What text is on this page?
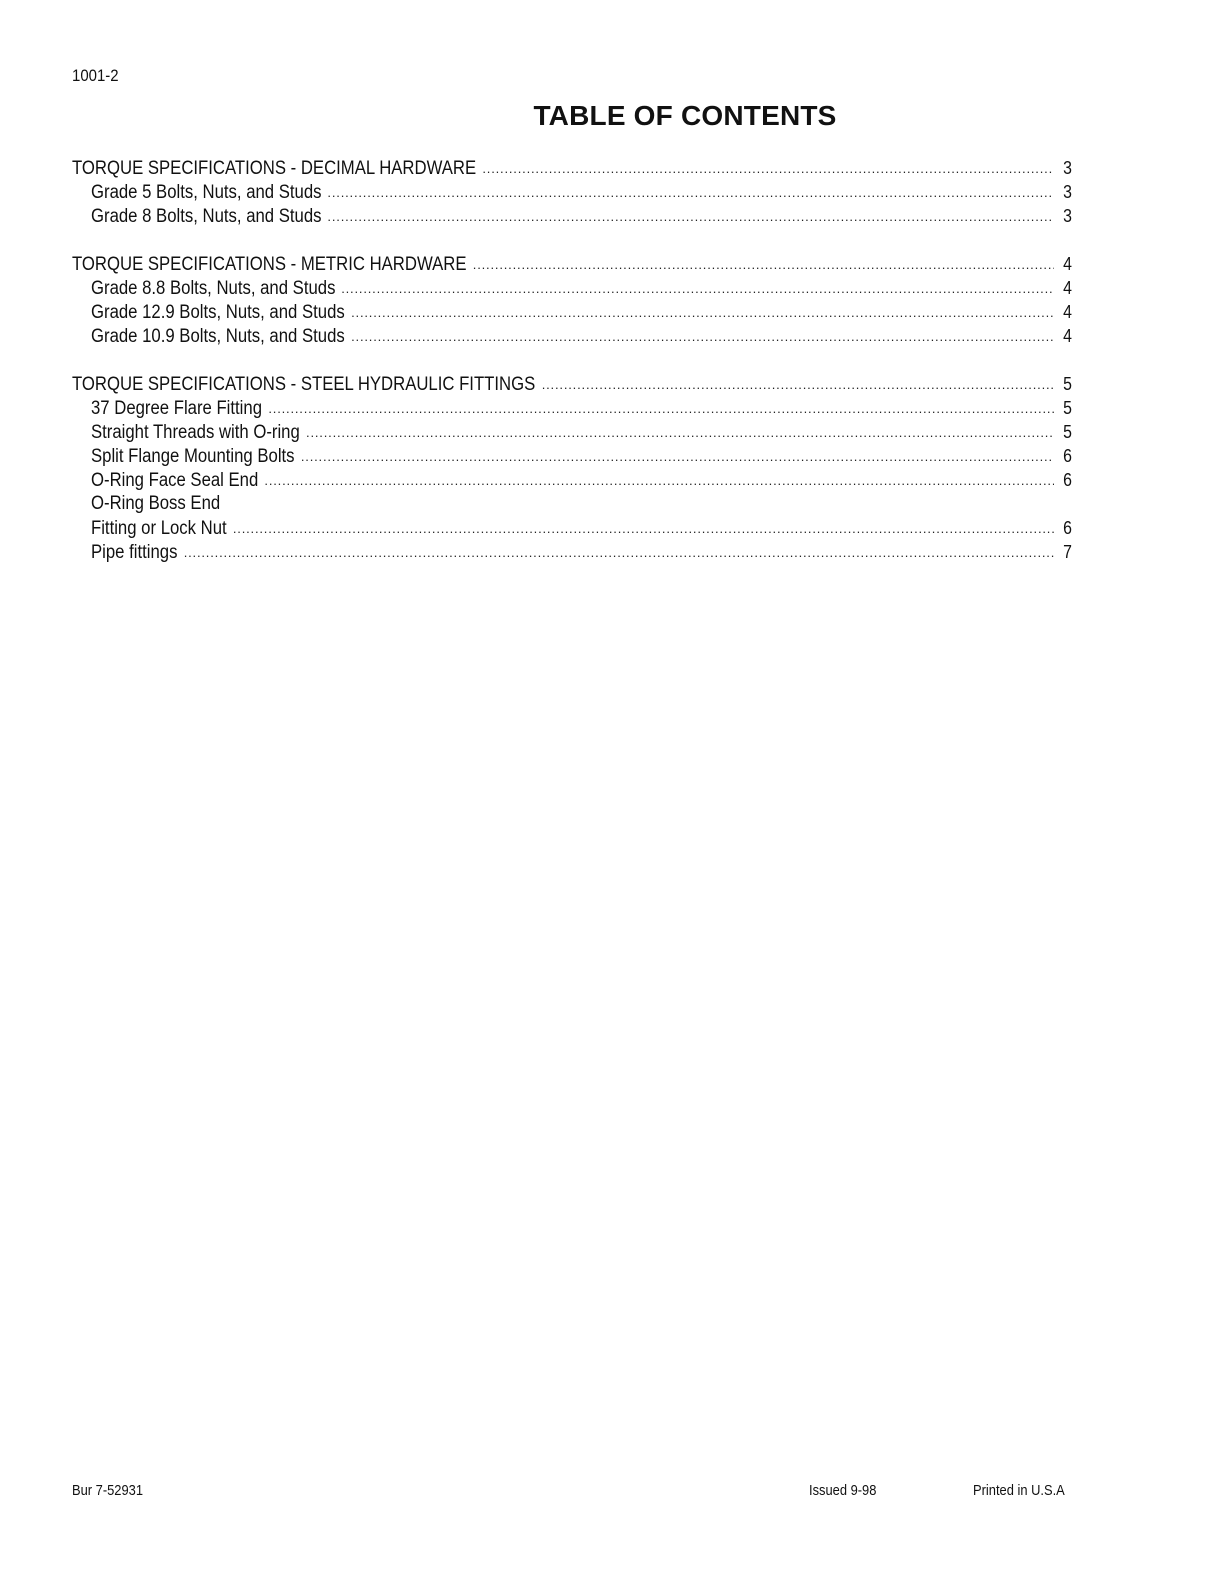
1001-2
TABLE OF CONTENTS
TORQUE SPECIFICATIONS - DECIMAL HARDWARE . . .	3
Grade 5 Bolts, Nuts, and Studs . . .	3
Grade 8 Bolts, Nuts, and Studs . . .	3
TORQUE SPECIFICATIONS - METRIC HARDWARE . . .	4
Grade 8.8 Bolts, Nuts, and Studs . . .	4
Grade 12.9 Bolts, Nuts, and Studs . . .	4
Grade 10.9 Bolts, Nuts, and Studs . . .	4
TORQUE SPECIFICATIONS - STEEL HYDRAULIC FITTINGS . . .	5
37 Degree Flare Fitting . . .	5
Straight Threads with O-ring . . .	5
Split Flange Mounting Bolts . . .	6
O-Ring Face Seal End . . .	6
O-Ring Boss End
Fitting or Lock Nut . . .	6
Pipe fittings . . .	7
Bur 7-52931	Issued 9-98	Printed in U.S.A
